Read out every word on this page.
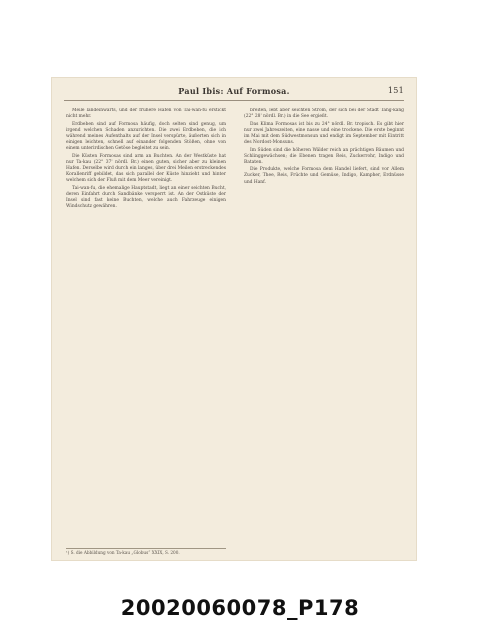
Paul Ibis: Auf Formosa.	151

Meile landeinwärts, und der frühere Hafen von Tai-wan-fu erstickt nicht mehr.

Erdbeben sind auf Formosa häufig, doch selten sind genug, um irgend welchen Schaden anzurichten. Die zwei Erdbeben, die ich während meines Aufenthalts auf der Insel verspürte, äußerten sich in einigen leichten, schnell auf einander folgenden Stößen, ohne von einem unterirdischen Getöse begleitet zu sein.

Die Küsten Formosas sind arm an Buchten. An der Westküste hat nur Ta-kau (22° 37' nördl. Br.) einen guten, sicher aber zu kleinen Hafen. Derselbe wird durch ein langes, über drei Meilen erstreckendes Korallenriff gebildet, das sich parallel der Küste hinzieht und hinter welchem sich der Fluß mit dem Meer vereinigt.

Tai-wan-fu, die ehemalige Hauptstadt, liegt an einer seichten Bucht, deren Einfahrt durch Sandbänke versperrt ist. An der Ostküste der Insel sind fast keine Buchten, welche auch Fahrzeuge einigen Windschutz gewähren.

breiten, lebt aber seichten Strom, der sich bei der Stadt Tang-kang (22° 28' nördl. Br.) in die See ergießt.

Das Klima Formosas ist bis zu 24° nördl. Br. tropisch. Es gibt hier nur zwei Jahreszeiten, eine nasse und eine trockene. Die erste beginnt im Mai mit dem Südwestmonsun und endigt im September mit Eintritt des Nordost-Monsuns.

Im Süden sind die höheren Wälder reich an prächtigen Bäumen und Schlinggewächsen; die Ebenen tragen Reis, Zuckerrohr, Indigo und Bataten.

Die Produkte, welche Formosa dem Handel liefert, sind vor Allem Zucker, Thee, Reis, Früchte und Gemüse, Indigo, Kampher, Erdnüsse und Hanf.

¹) S. die Abbildung von Ta-kau „Globus“ XXIX, S. 200.
20020060078_P178
